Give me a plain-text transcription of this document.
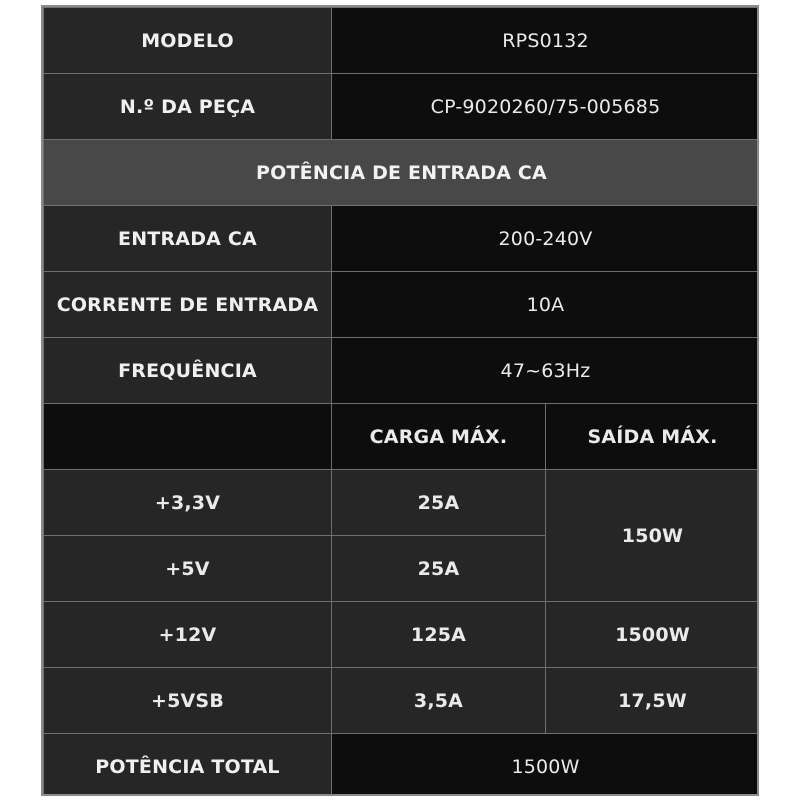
MODELO	RPS0132	
N.º DA PEÇA	CP-9020260/75-005685	
POTÊNCIA DE ENTRADA CA		
ENTRADA CA	200-240V	
CORRENTE DE ENTRADA	10A	
FREQUÊNCIA	47~63Hz	
	CARGA MÁX.	SAÍDA MÁX.
+3,3V	25A	150W
+5V	25A	
+12V	125A	1500W
+5VSB	3,5A	17,5W
POTÊNCIA TOTAL	1500W	
